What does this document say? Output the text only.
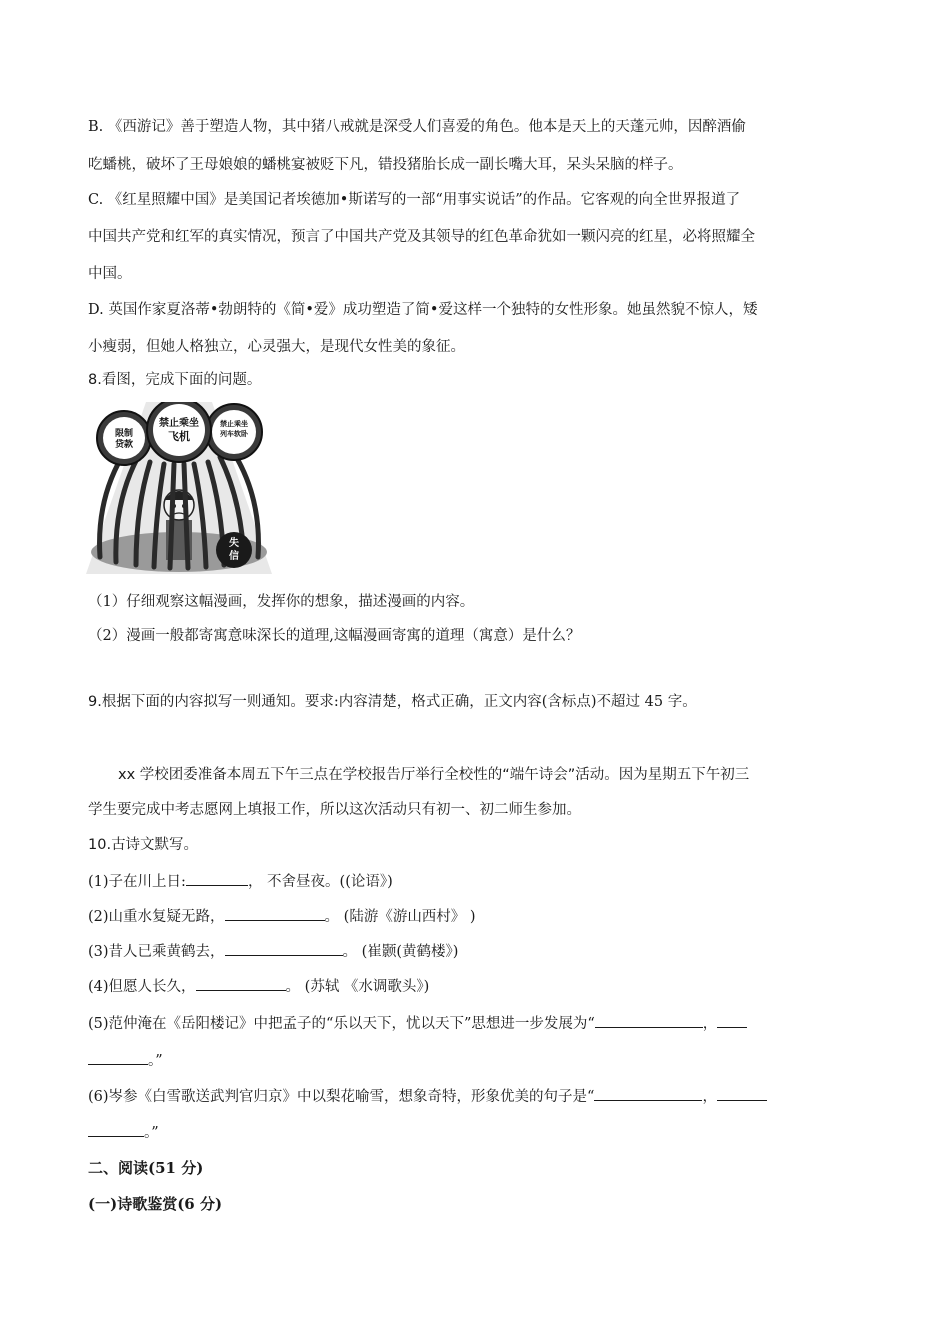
B. 《西游记》善于塑造人物，其中猪八戒就是深受人们喜爱的角色。他本是天上的天蓬元帅，因醉酒偷
吃蟠桃，破坏了王母娘娘的蟠桃宴被贬下凡，错投猪胎长成一副长嘴大耳，呆头呆脑的样子。
C. 《红星照耀中国》是美国记者埃德加•斯诺写的一部“用事实说话”的作品。它客观的向全世界报道了
中国共产党和红军的真实情况，预言了中国共产党及其领导的红色革命犹如一颗闪亮的红星，必将照耀全
中国。
D. 英国作家夏洛蒂•勃朗特的《简•爱》成功塑造了简•爱这样一个独特的女性形象。她虽然貌不惊人，矮
小瘦弱，但她人格独立，心灵强大，是现代女性美的象征。
8.看图，完成下面的问题。
限制
贷款
禁止乘坐
列车软卧
禁止乘坐
飞机
失
信
（1）仔细观察这幅漫画，发挥你的想象，描述漫画的内容。
（2）漫画一般都寄寓意味深长的道理,这幅漫画寄寓的道理（寓意）是什么？
9.根据下面的内容拟写一则通知。要求:内容清楚，格式正确，正文内容(含标点)不超过 45 字。
xx 学校团委准备本周五下午三点在学校报告厅举行全校性的“端午诗会”活动。因为星期五下午初三
学生要完成中考志愿网上填报工作，所以这次活动只有初一、初二师生参加。
10.古诗文默写。
(1)子在川上日:	， 不舍昼夜。((论语》)
(2)山重水复疑无路，	。 (陆游《游山西村》 )
(3)昔人已乘黄鹤去，	。 (崔颢(黄鹤楼》)
(4)但愿人长久，	。 (苏轼 《水调歌头》)
(5)范仲淹在《岳阳楼记》中把孟子的“乐以天下，忧以天下”思想进一步发展为“	，
。”
(6)岑参《白雪歌送武判官归京》中以梨花喻雪，想象奇特，形象优美的句子是“	，
。”
二、阅读(51 分)
(一)诗歌鉴赏(6 分)
